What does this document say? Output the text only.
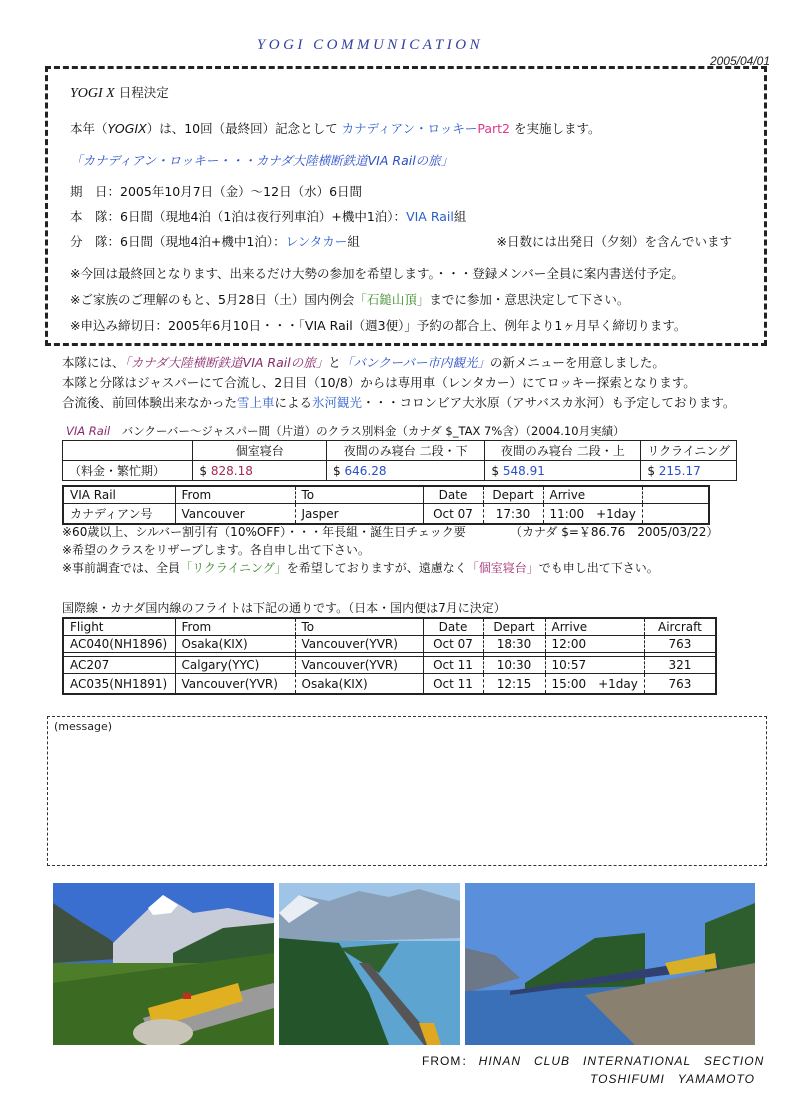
YOGI COMMUNICATION
2005/04/01
YOGI X 日程決定
本年（YOGIX）は、10回（最終回）記念として カナディアン・ロッキーPart2 を実施します。
「カナディアン・ロッキー・・・カナダ大陸横断鉄道VIA Railの旅」
期　日：2005年10月7日（金）～12日（水）6日間
本　隊：6日間（現地4泊（1泊は夜行列車泊）+機中1泊）：VIA Rail組
分　隊：6日間（現地4泊+機中1泊）：レンタカー組	※日数には出発日（夕刻）を含んでいます
※今回は最終回となります、出来るだけ大勢の参加を希望します。・・・登録メンバー全員に案内書送付予定。
※ご家族のご理解のもと、5月28日（土）国内例会「石鎚山頂」までに参加・意思決定して下さい。
※申込み締切日：2005年6月10日・・・「VIA Rail（週3便）」予約の都合上、例年より1ヶ月早く締切ります。
本隊には、「カナダ大陸横断鉄道VIA Railの旅」と「バンクーバー市内観光」の新メニューを用意しました。
本隊と分隊はジャスパーにて合流し、2日目（10/8）からは専用車（レンタカー）にてロッキー探索となります。
合流後、前回体験出来なかった雪上車による氷河観光・・・コロンビア大氷原（アサバスカ氷河）も予定しております。
VIA Rail　バンクーバー～ジャスパー間（片道）のクラス別料金（カナダ $_TAX 7%含）（2004.10月実績）
	個室寝台	夜間のみ寝台 二段・下	夜間のみ寝台 二段・上	リクライニング
（料金・繁忙期）	$ 828.18	$ 646.28	$ 548.91	$ 215.17
VIA Rail	From	To	Date	Depart	Arrive	
カナディアン号	Vancouver	Jasper	Oct 07	17:30	11:00　+1day	
※60歳以上、シルバー割引有（10%OFF）・・・年長組・誕生日チェック要	（カナダ $=￥86.76　2005/03/22）
※希望のクラスをリザーブします。各自申し出て下さい。
※事前調査では、全員「リクライニング」を希望しておりますが、遠慮なく「個室寝台」でも申し出て下さい。
国際線・カナダ国内線のフライトは下記の通りです。（日本・国内便は7月に決定）
Flight	From	To	Date	Depart	Arrive	Aircraft
AC040(NH1896)	Osaka(KIX)	Vancouver(YVR)	Oct 07	18:30	12:00	763

AC207	Calgary(YYC)	Vancouver(YVR)	Oct 11	10:30	10:57	321
AC035(NH1891)	Vancouver(YVR)	Osaka(KIX)	Oct 11	12:15	15:00　+1day	763
(message)
FROM： HINAN　CLUB　INTERNATIONAL　SECTION
TOSHIFUMI　YAMAMOTO
